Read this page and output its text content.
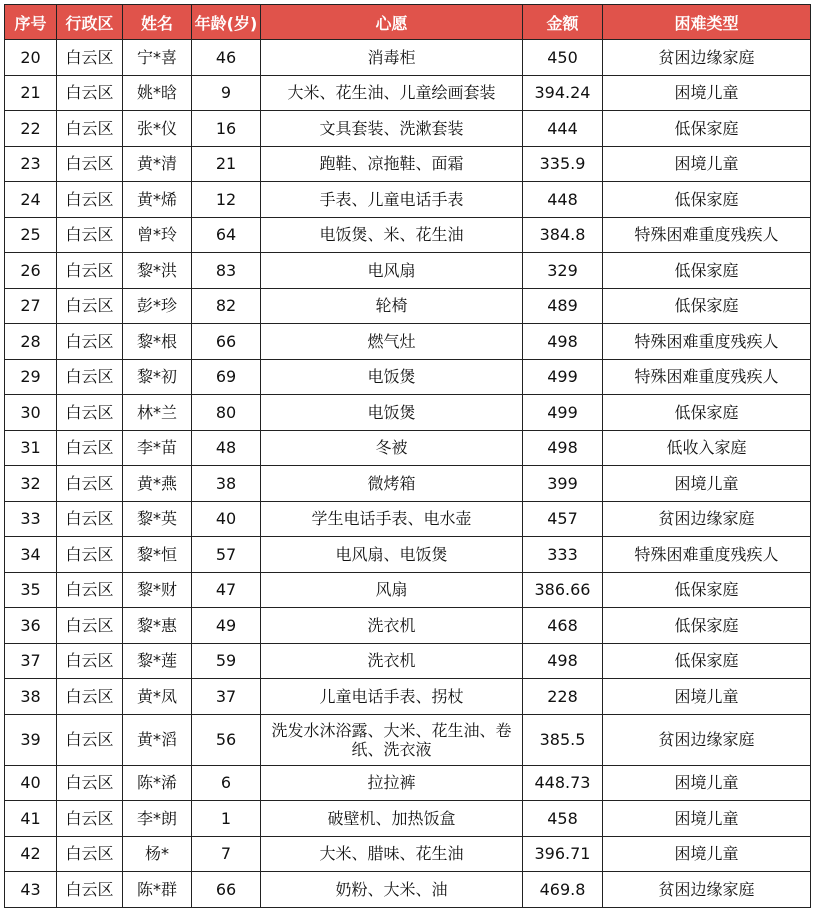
序号	行政区	姓名	年龄(岁)	心愿	金额	困难类型
20	白云区	宁*喜	46	消毒柜	450	贫困边缘家庭
21	白云区	姚*晗	9	大米、花生油、儿童绘画套装	394.24	困境儿童
22	白云区	张*仪	16	文具套装、洗漱套装	444	低保家庭
23	白云区	黄*清	21	跑鞋、凉拖鞋、面霜	335.9	困境儿童
24	白云区	黄*烯	12	手表、儿童电话手表	448	低保家庭
25	白云区	曾*玲	64	电饭煲、米、花生油	384.8	特殊困难重度残疾人
26	白云区	黎*洪	83	电风扇	329	低保家庭
27	白云区	彭*珍	82	轮椅	489	低保家庭
28	白云区	黎*根	66	燃气灶	498	特殊困难重度残疾人
29	白云区	黎*初	69	电饭煲	499	特殊困难重度残疾人
30	白云区	林*兰	80	电饭煲	499	低保家庭
31	白云区	李*苗	48	冬被	498	低收入家庭
32	白云区	黄*燕	38	微烤箱	399	困境儿童
33	白云区	黎*英	40	学生电话手表、电水壶	457	贫困边缘家庭
34	白云区	黎*恒	57	电风扇、电饭煲	333	特殊困难重度残疾人
35	白云区	黎*财	47	风扇	386.66	低保家庭
36	白云区	黎*惠	49	洗衣机	468	低保家庭
37	白云区	黎*莲	59	洗衣机	498	低保家庭
38	白云区	黄*凤	37	儿童电话手表、拐杖	228	困境儿童
39	白云区	黄*滔	56	洗发水沐浴露、大米、花生油、卷纸、洗衣液	385.5	贫困边缘家庭
40	白云区	陈*浠	6	拉拉裤	448.73	困境儿童
41	白云区	李*朗	1	破壁机、加热饭盒	458	困境儿童
42	白云区	杨*	7	大米、腊味、花生油	396.71	困境儿童
43	白云区	陈*群	66	奶粉、大米、油	469.8	贫困边缘家庭
